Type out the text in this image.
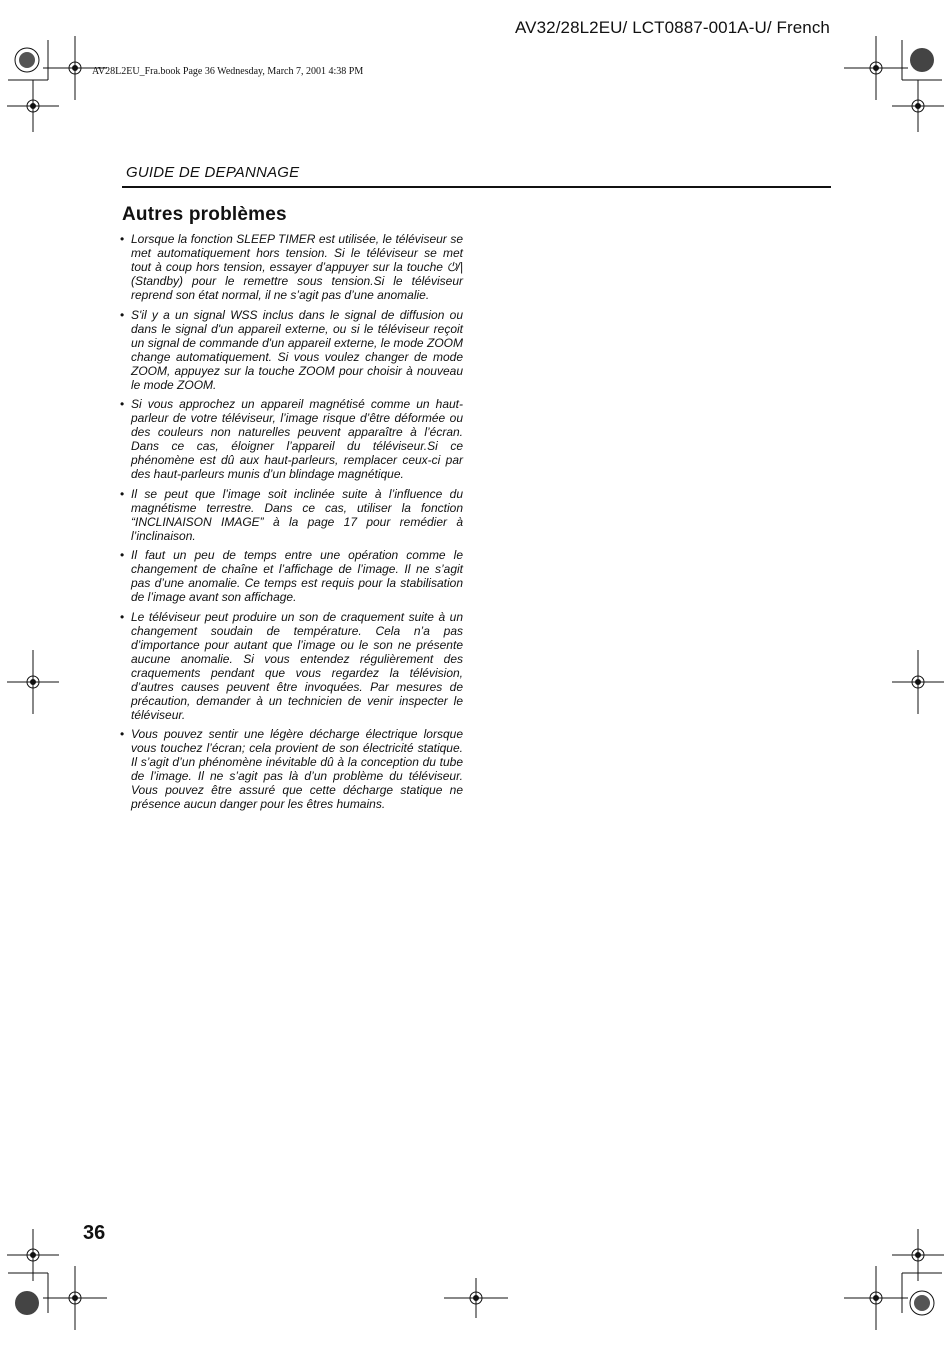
AV32/28L2EU/ LCT0887-001A-U/ French
AV28L2EU_Fra.book Page 36 Wednesday, March 7, 2001 4:38 PM
GUIDE DE DEPANNAGE
Autres problèmes
• Lorsque la fonction SLEEP TIMER est utilisée, le téléviseur se met automatiquement hors tension. Si le téléviseur se met tout à coup hors tension, essayer d’appuyer sur la touche ⏻/| (Standby) pour le remettre sous tension.Si le téléviseur reprend son état normal, il ne s’agit pas d’une anomalie.
• S'il y a un signal WSS inclus dans le signal de diffusion ou dans le signal d'un appareil externe, ou si le téléviseur reçoit un signal de commande d'un appareil externe, le mode ZOOM change automatiquement. Si vous voulez changer de mode ZOOM, appuyez sur la touche ZOOM pour choisir à nouveau le mode ZOOM.
• Si vous approchez un appareil magnétisé comme un haut-parleur de votre téléviseur, l’image risque d’être déformée ou des couleurs non naturelles peuvent apparaître à l’écran. Dans ce cas, éloigner l’appareil du téléviseur.Si ce phénomène est dû aux haut-parleurs, remplacer ceux-ci par des haut-parleurs munis d’un blindage magnétique.
• Il se peut que l’image soit inclinée suite à l’influence du magnétisme terrestre. Dans ce cas, utiliser la fonction “INCLINAISON IMAGE” à la page 17 pour remédier à l’inclinaison.
• Il faut un peu de temps entre une opération comme le changement de chaîne et l’affichage de l’image. Il ne s’agit pas d’une anomalie. Ce temps est requis pour la stabilisation de l’image avant son affichage.
• Le téléviseur peut produire un son de craquement suite à un changement soudain de température. Cela n’a pas d’importance pour autant que l’image ou le son ne présente aucune anomalie. Si vous entendez régulièrement des craquements pendant que vous regardez la télévision, d’autres causes peuvent être invoquées. Par mesures de précaution, demander à un technicien de venir inspecter le téléviseur.
• Vous pouvez sentir une légère décharge électrique lorsque vous touchez l’écran; cela provient de son électricité statique. Il s’agit d’un phénomène inévitable dû à la conception du tube de l’image. Il ne s’agit pas là d’un problème du téléviseur. Vous pouvez être assuré que cette décharge statique ne présence aucun danger pour les êtres humains.
36
